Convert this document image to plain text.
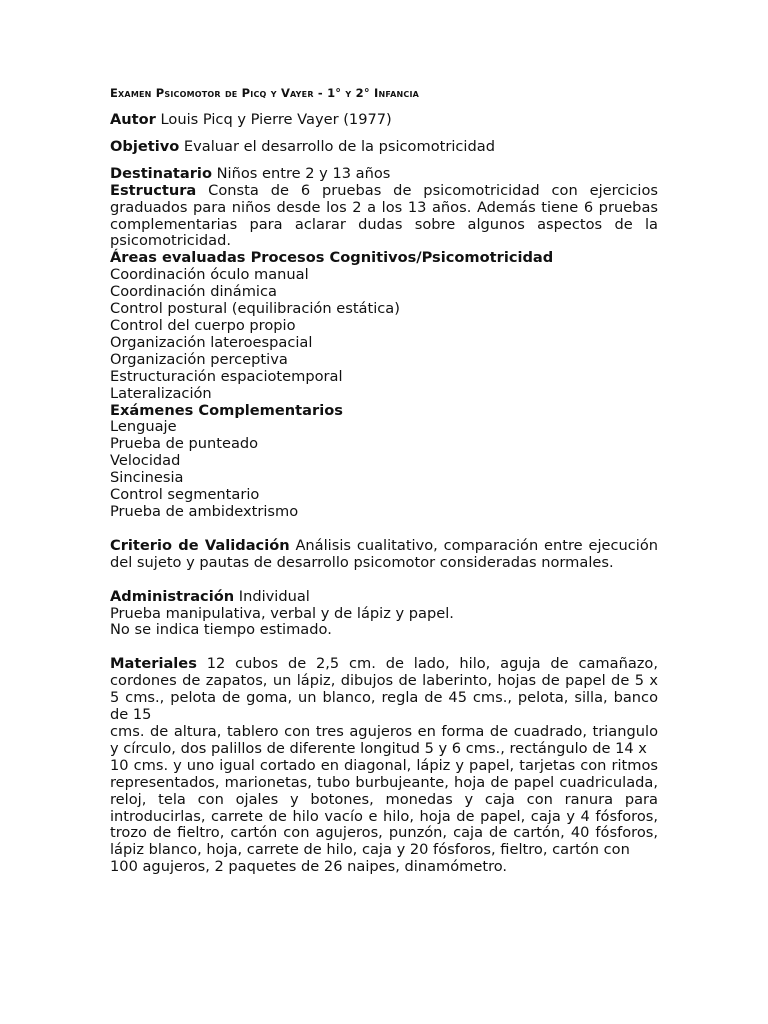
Examen Psicomotor de Picq y Vayer - 1° y 2° Infancia

Autor Louis Picq y Pierre Vayer (1977)

Objetivo Evaluar el desarrollo de la psicomotricidad

Destinatario Niños entre 2 y 13 años

Estructura Consta de 6 pruebas de psicomotricidad con ejercicios graduados para niños desde los 2 a los 13 años. Además tiene 6 pruebas complementarias para aclarar dudas sobre algunos aspectos de la psicomotricidad.

Áreas evaluadas Procesos Cognitivos/Psicomotricidad

Coordinación óculo manual
Coordinación dinámica
Control postural (equilibración estática)
Control del cuerpo propio
Organización lateroespacial
Organización perceptiva
Estructuración espaciotemporal
Lateralización

Exámenes Complementarios

Lenguaje
Prueba de punteado
Velocidad
Sincinesia
Control segmentario
Prueba de ambidextrismo

Criterio de Validación Análisis cualitativo, comparación entre ejecución del sujeto y pautas de desarrollo psicomotor consideradas normales.

Administración Individual

Prueba manipulativa, verbal y de lápiz y papel.

No se indica tiempo estimado.

Materiales 12 cubos de 2,5 cm. de lado, hilo, aguja de camañazo, cordones de zapatos, un lápiz, dibujos de laberinto, hojas de papel de 5 x 5 cms., pelota de goma, un blanco, regla de 45 cms., pelota, silla, banco de 15

cms. de altura, tablero con tres agujeros en forma de cuadrado, triangulo y círculo, dos palillos de diferente longitud 5 y 6 cms., rectángulo de 14 x

10 cms. y uno igual cortado en diagonal, lápiz y papel, tarjetas con ritmos representados, marionetas, tubo burbujeante, hoja de papel cuadriculada, reloj, tela con ojales y botones, monedas y caja con ranura para introducirlas, carrete de hilo vacío e hilo, hoja de papel, caja y 4 fósforos, trozo de fieltro, cartón con agujeros, punzón, caja de cartón, 40 fósforos, lápiz blanco, hoja, carrete de hilo, caja y 20 fósforos, fieltro, cartón con

100 agujeros, 2 paquetes de 26 naipes, dinamómetro.
